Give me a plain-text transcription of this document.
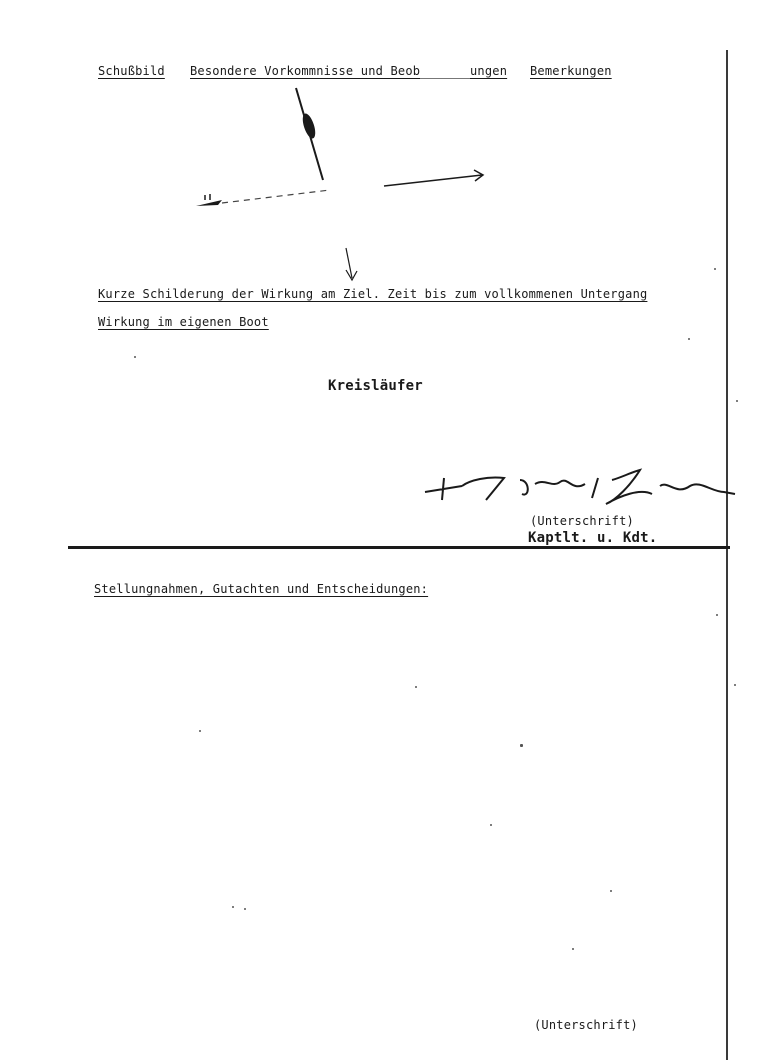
Schußbild Besondere Vorkommnisse und Beob	ungen Bemerkungen
Kurze Schilderung der Wirkung am Ziel. Zeit bis zum vollkommenen Untergang
Wirkung im eigenen Boot
Kreisläufer
(Unterschrift)
Kaptlt. u. Kdt.
Stellungnahmen, Gutachten und Entscheidungen:
(Unterschrift)
